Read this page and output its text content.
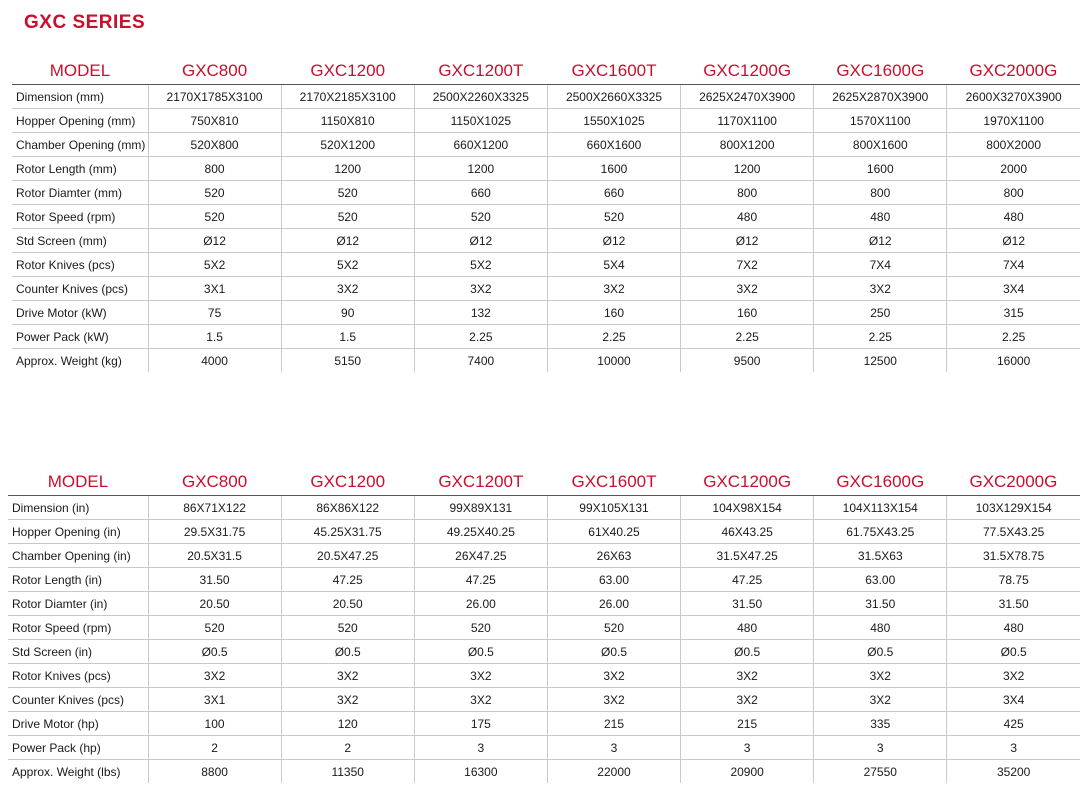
GXC SERIES
MODEL	GXC800	GXC1200	GXC1200T	GXC1600T	GXC1200G	GXC1600G	GXC2000G
Dimension (mm)	2170X1785X3100	2170X2185X3100	2500X2260X3325	2500X2660X3325	2625X2470X3900	2625X2870X3900	2600X3270X3900
Hopper Opening (mm)	750X810	1150X810	1150X1025	1550X1025	1170X1100	1570X1100	1970X1100
Chamber Opening (mm)	520X800	520X1200	660X1200	660X1600	800X1200	800X1600	800X2000
Rotor Length (mm)	800	1200	1200	1600	1200	1600	2000
Rotor Diamter (mm)	520	520	660	660	800	800	800
Rotor Speed (rpm)	520	520	520	520	480	480	480
Std Screen (mm)	Ø12	Ø12	Ø12	Ø12	Ø12	Ø12	Ø12
Rotor Knives (pcs)	5X2	5X2	5X2	5X4	7X2	7X4	7X4
Counter Knives (pcs)	3X1	3X2	3X2	3X2	3X2	3X2	3X4
Drive Motor (kW)	75	90	132	160	160	250	315
Power Pack (kW)	1.5	1.5	2.25	2.25	2.25	2.25	2.25
Approx. Weight (kg)	4000	5150	7400	10000	9500	12500	16000
MODEL	GXC800	GXC1200	GXC1200T	GXC1600T	GXC1200G	GXC1600G	GXC2000G
Dimension (in)	86X71X122	86X86X122	99X89X131	99X105X131	104X98X154	104X113X154	103X129X154
Hopper Opening (in)	29.5X31.75	45.25X31.75	49.25X40.25	61X40.25	46X43.25	61.75X43.25	77.5X43.25
Chamber Opening (in)	20.5X31.5	20.5X47.25	26X47.25	26X63	31.5X47.25	31.5X63	31.5X78.75
Rotor Length (in)	31.50	47.25	47.25	63.00	47.25	63.00	78.75
Rotor Diamter (in)	20.50	20.50	26.00	26.00	31.50	31.50	31.50
Rotor Speed (rpm)	520	520	520	520	480	480	480
Std Screen (in)	Ø0.5	Ø0.5	Ø0.5	Ø0.5	Ø0.5	Ø0.5	Ø0.5
Rotor Knives (pcs)	3X2	3X2	3X2	3X2	3X2	3X2	3X2
Counter Knives (pcs)	3X1	3X2	3X2	3X2	3X2	3X2	3X4
Drive Motor (hp)	100	120	175	215	215	335	425
Power Pack (hp)	2	2	3	3	3	3	3
Approx. Weight (lbs)	8800	11350	16300	22000	20900	27550	35200
